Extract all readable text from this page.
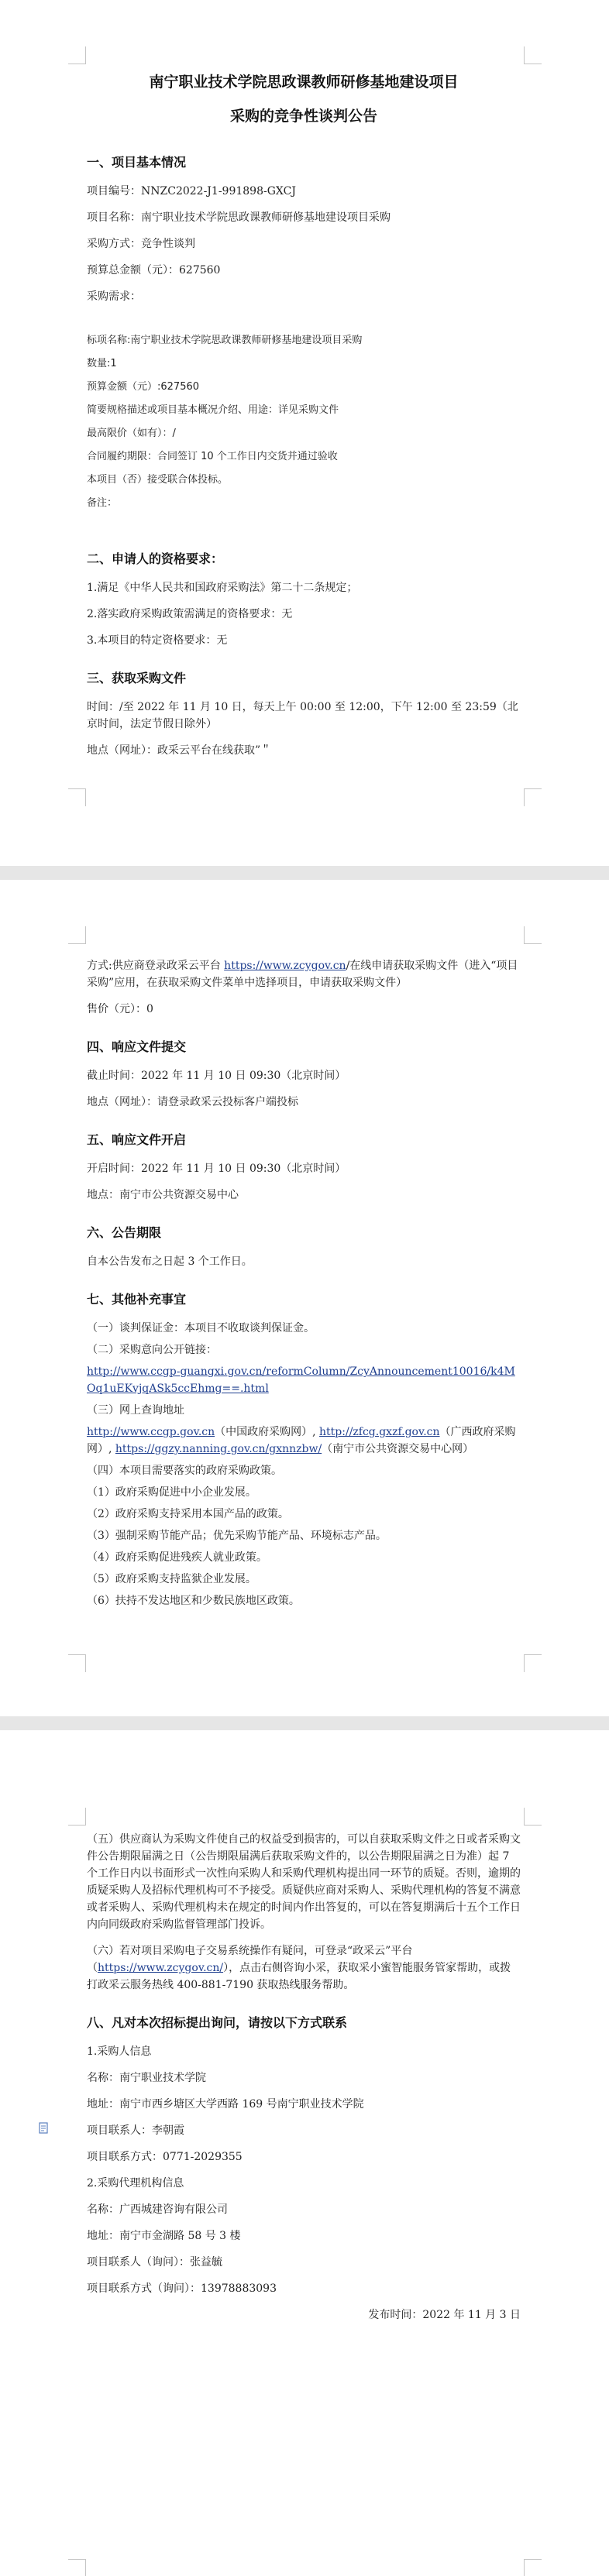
南宁职业技术学院思政课教师研修基地建设项目
采购的竞争性谈判公告
一、项目基本情况

项目编号：NNZC2022-J1-991898-GXCJ

项目名称：南宁职业技术学院思政课教师研修基地建设项目采购

采购方式：竞争性谈判

预算总金额（元）：627560

采购需求：

标项名称:南宁职业技术学院思政课教师研修基地建设项目采购

数量:1

预算金额（元）:627560

简要规格描述或项目基本概况介绍、用途：详见采购文件

最高限价（如有）：/

合同履约期限：合同签订 10 个工作日内交货并通过验收

本项目（否）接受联合体投标。

备注：

二、申请人的资格要求：

1.满足《中华人民共和国政府采购法》第二十二条规定；

2.落实政府采购政策需满足的资格要求：无

3.本项目的特定资格要求：无

三、获取采购文件

时间：/至 2022 年 11 月 10 日，每天上午 00:00 至 12:00，下午 12:00 至 23:59（北京时间，法定节假日除外）

地点（网址）：政采云平台在线获取”＂

方式:供应商登录政采云平台 https://www.zcygov.cn/在线申请获取采购文件（进入“项目采购”应用，在获取采购文件菜单中选择项目，申请获取采购文件）

售价（元）：0

四、响应文件提交

截止时间：2022 年 11 月 10 日 09:30（北京时间）

地点（网址）：请登录政采云投标客户端投标

五、响应文件开启

开启时间：2022 年 11 月 10 日 09:30（北京时间）

地点：南宁市公共资源交易中心

六、公告期限

自本公告发布之日起 3 个工作日。

七、其他补充事宜

（一）谈判保证金：本项目不收取谈判保证金。

（二）采购意向公开链接：

http://www.ccgp-guangxi.gov.cn/reformColumn/ZcyAnnouncement10016/k4MOq1uEKvjqASk5ccEhmg==.html

（三）网上查询地址

http://www.ccgp.gov.cn（中国政府采购网）, http://zfcg.gxzf.gov.cn（广西政府采购网）, https://ggzy.nanning.gov.cn/gxnnzbw/（南宁市公共资源交易中心网）

（四）本项目需要落实的政府采购政策。

（1）政府采购促进中小企业发展。

（2）政府采购支持采用本国产品的政策。

（3）强制采购节能产品；优先采购节能产品、环境标志产品。

（4）政府采购促进残疾人就业政策。

（5）政府采购支持监狱企业发展。

（6）扶持不发达地区和少数民族地区政策。

（五）供应商认为采购文件使自己的权益受到损害的，可以自获取采购文件之日或者采购文件公告期限届满之日（公告期限届满后获取采购文件的，以公告期限届满之日为准）起 7 个工作日内以书面形式一次性向采购人和采购代理机构提出同一环节的质疑。否则，逾期的质疑采购人及招标代理机构可不予接受。质疑供应商对采购人、采购代理机构的答复不满意或者采购人、采购代理机构未在规定的时间内作出答复的，可以在答复期满后十五个工作日内向同级政府采购监督管理部门投诉。

（六）若对项目采购电子交易系统操作有疑问，可登录“政采云”平台（https://www.zcygov.cn/），点击右侧咨询小采，获取采小蜜智能服务管家帮助，或拨打政采云服务热线 400-881-7190 获取热线服务帮助。

八、凡对本次招标提出询问，请按以下方式联系

1.采购人信息

名称：南宁职业技术学院

地址：南宁市西乡塘区大学西路 169 号南宁职业技术学院

项目联系人：李朝霞

项目联系方式：0771-2029355

2.采购代理机构信息

名称：广西城建咨询有限公司

地址：南宁市金湖路 58 号 3 楼

项目联系人（询问）：张益毓

项目联系方式（询问）：13978883093

发布时间：2022 年 11 月 3 日
